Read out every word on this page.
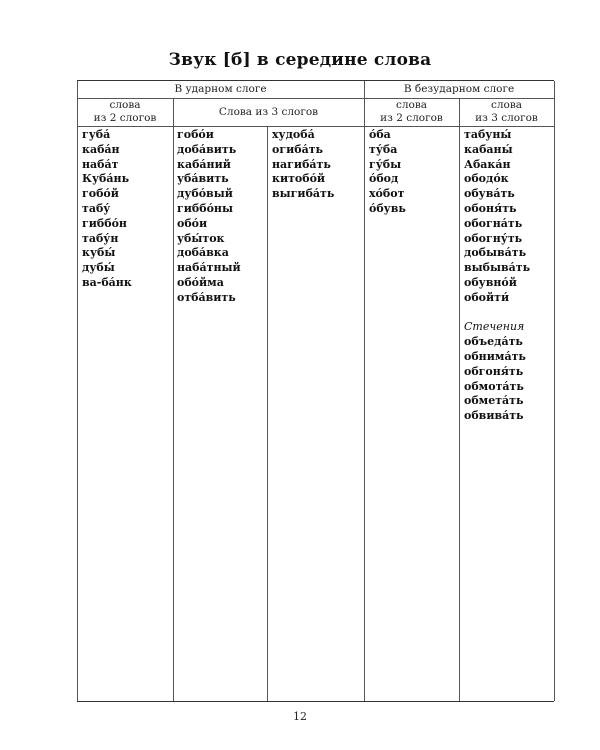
Звук [б] в середине слова
В ударном слоге	В безударном слоге
слова
из 2 слогов	Слова из 3 слогов
слова
из 2 слогов
слова
из 3 слогов
губа́
каба́н
наба́т
Куба́нь
гобо́й
табу́
гиббо́н
табу́н
кубы́
дубы́
ва-ба́нк
гобо́и
доба́вить
каба́ний
уба́вить
дубо́вый
гиббо́ны
обо́и
убы́ток
доба́вка
наба́тный
обо́йма
отба́вить
худоба́
огиба́ть
нагиба́ть
китобо́й
выгиба́ть
о́ба
ту́ба
гу́бы
о́бод
хо́бот
о́бувь
табуны́
кабаны́
Абака́н
ободо́к
обува́ть
обоня́ть
обогна́ть
обогну́ть
добыва́ть
выбыва́ть
обувно́й
обойти́
Стечения
объеда́ть
обнима́ть
обгоня́ть
обмота́ть
обмета́ть
обвива́ть
12
